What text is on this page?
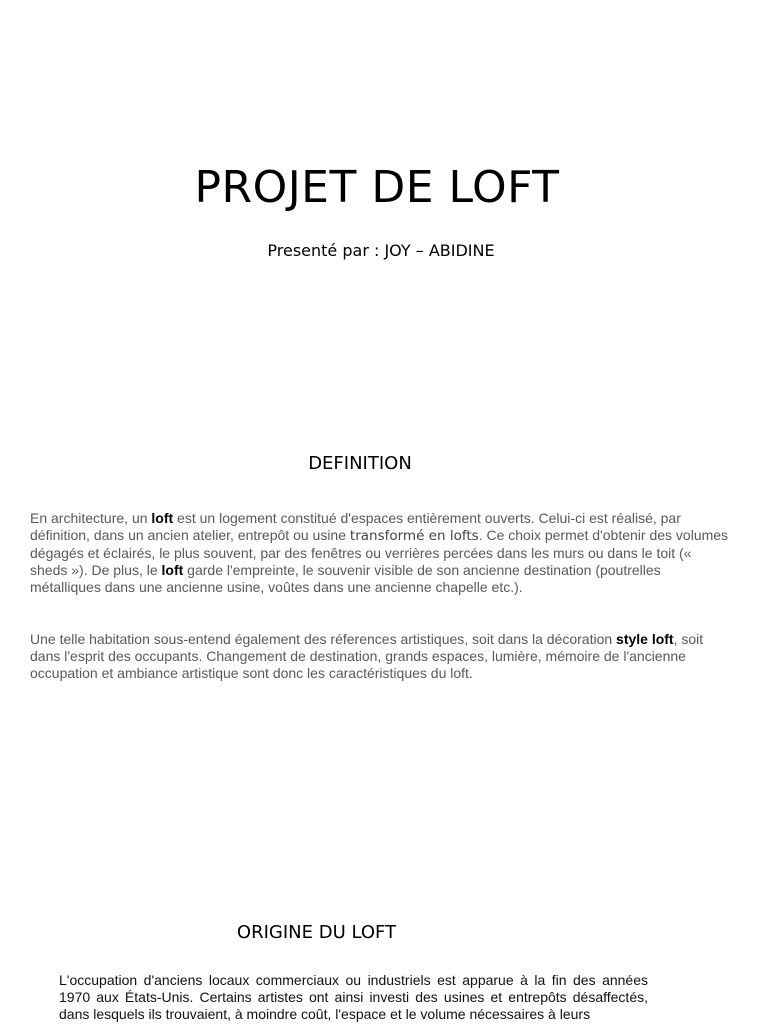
PROJET DE LOFT

Presenté par : JOY – ABIDINE

DEFINITION

En architecture, un loft est un logement constitué d'espaces entièrement ouverts. Celui-ci est réalisé, par définition, dans un ancien atelier, entrepôt ou usine transformé en lofts. Ce choix permet d'obtenir des volumes dégagés et éclairés, le plus souvent, par des fenêtres ou verrières percées dans les murs ou dans le toit (« sheds »). De plus, le loft garde l'empreinte, le souvenir visible de son ancienne destination (poutrelles métalliques dans une ancienne usine, voûtes dans une ancienne chapelle etc.).

Une telle habitation sous-entend également des réferences artistiques, soit dans la décoration style loft, soit dans l'esprit des occupants. Changement de destination, grands espaces, lumière, mémoire de l'ancienne occupation et ambiance artistique sont donc les caractéristiques du loft.

ORIGINE DU LOFT

L'occupation d'anciens locaux commerciaux ou industriels est apparue à la fin des années 1970 aux États-Unis. Certains artistes ont ainsi investi des usines et entrepôts désaffectés, dans lesquels ils trouvaient, à moindre coût, l'espace et le volume nécessaires à leurs
